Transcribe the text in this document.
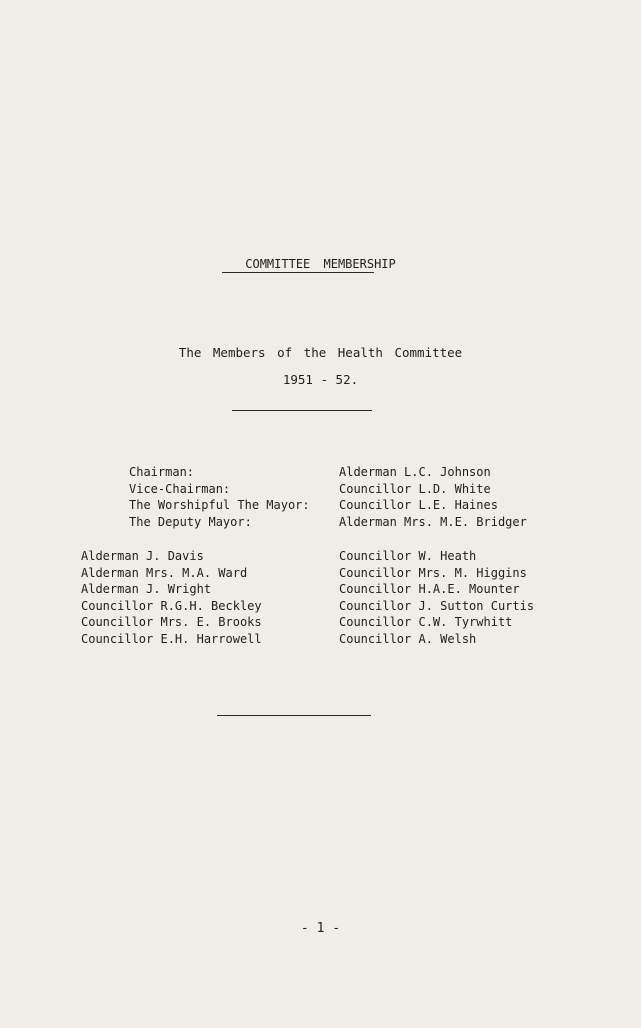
COMMITTEE MEMBERSHIP
The Members of the Health Committee
1951 - 52.
Chairman:
Vice-Chairman:
The Worshipful The Mayor:
The Deputy Mayor:
Alderman L.C. Johnson
Councillor L.D. White
Councillor L.E. Haines
Alderman Mrs. M.E. Bridger
Alderman J. Davis
Alderman Mrs. M.A. Ward
Alderman J. Wright
Councillor R.G.H. Beckley
Councillor Mrs. E. Brooks
Councillor E.H. Harrowell
Councillor W. Heath
Councillor Mrs. M. Higgins
Councillor H.A.E. Mounter
Councillor J. Sutton Curtis
Councillor C.W. Tyrwhitt
Councillor A. Welsh
- 1 -
